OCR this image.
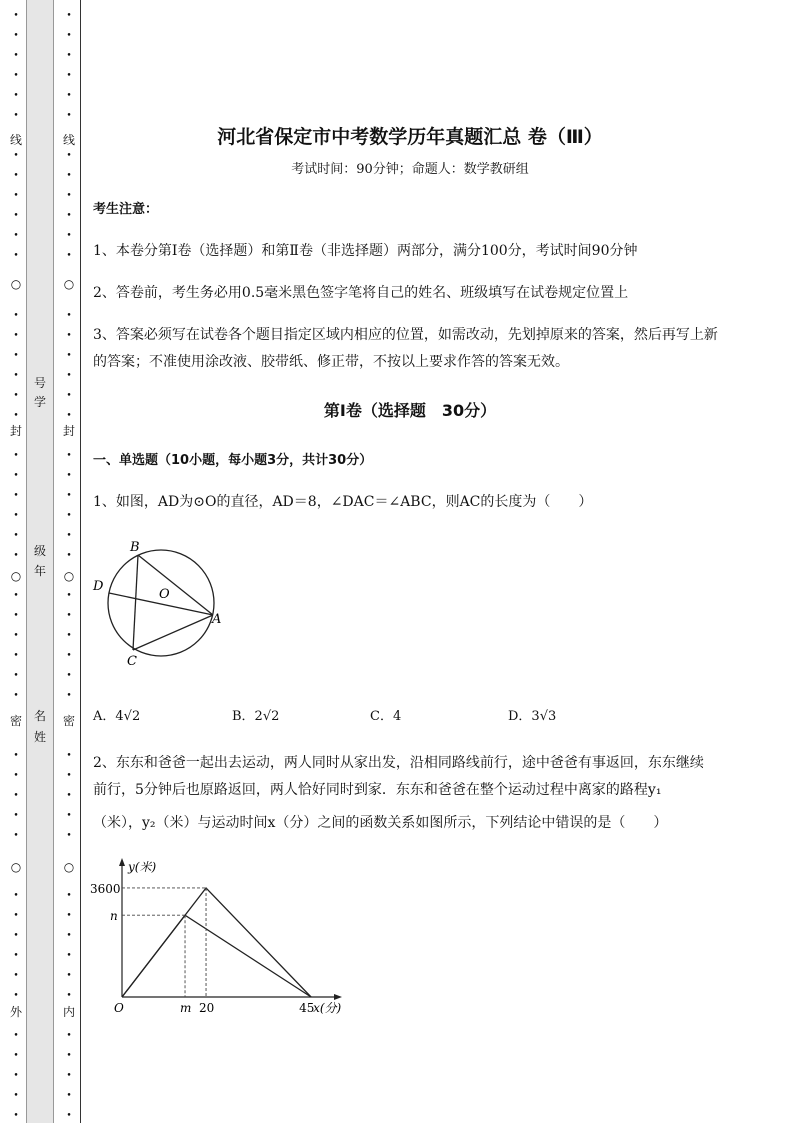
•
•
•
•
•
•
•
•
•
•
•
•
•
•
•
•
•
•
•
•
•
•
•
•
•
•
•
•
•
•
•
•
•
•
•
•
•
•
•
•
•
•
•
•
•
•
线
○
封
○
密
○
外
号
学
级
年
名
姓
•
•
•
•
•
•
•
•
•
•
•
•
•
•
•
•
•
•
•
•
•
•
•
•
•
•
•
•
•
•
•
•
•
•
•
•
•
•
•
•
•
•
•
•
•
•
线
○
封
○
密
○
内
河北省保定市中考数学历年真题汇总 卷（Ⅲ）
考试时间：90分钟；命题人：数学教研组
考生注意：
1、本卷分第Ⅰ卷（选择题）和第Ⅱ卷（非选择题）两部分，满分100分，考试时间90分钟
2、答卷前，考生务必用0.5毫米黑色签字笔将自己的姓名、班级填写在试卷规定位置上
3、答案必须写在试卷各个题目指定区域内相应的位置，如需改动，先划掉原来的答案，然后再写上新
的答案；不准使用涂改液、胶带纸、修正带，不按以上要求作答的答案无效。
第Ⅰ卷（选择题　30分）
一、单选题（10小题，每小题3分，共计30分）
1、如图，AD为⊙O的直径，AD＝8，∠DAC＝∠ABC，则AC的长度为（　　）
B
D
O
A
C
A．4√2	B．2√2	C．4	D．3√3
2、东东和爸爸一起出去运动，两人同时从家出发，沿相同路线前行，途中爸爸有事返回，东东继续
前行，5分钟后也原路返回，两人恰好同时到家．东东和爸爸在整个运动过程中离家的路程y₁
（米），y₂（米）与运动时间x（分）之间的函数关系如图所示，下列结论中错误的是（　　）
y(米)
x(分)
3600
n
O	m 20	45
